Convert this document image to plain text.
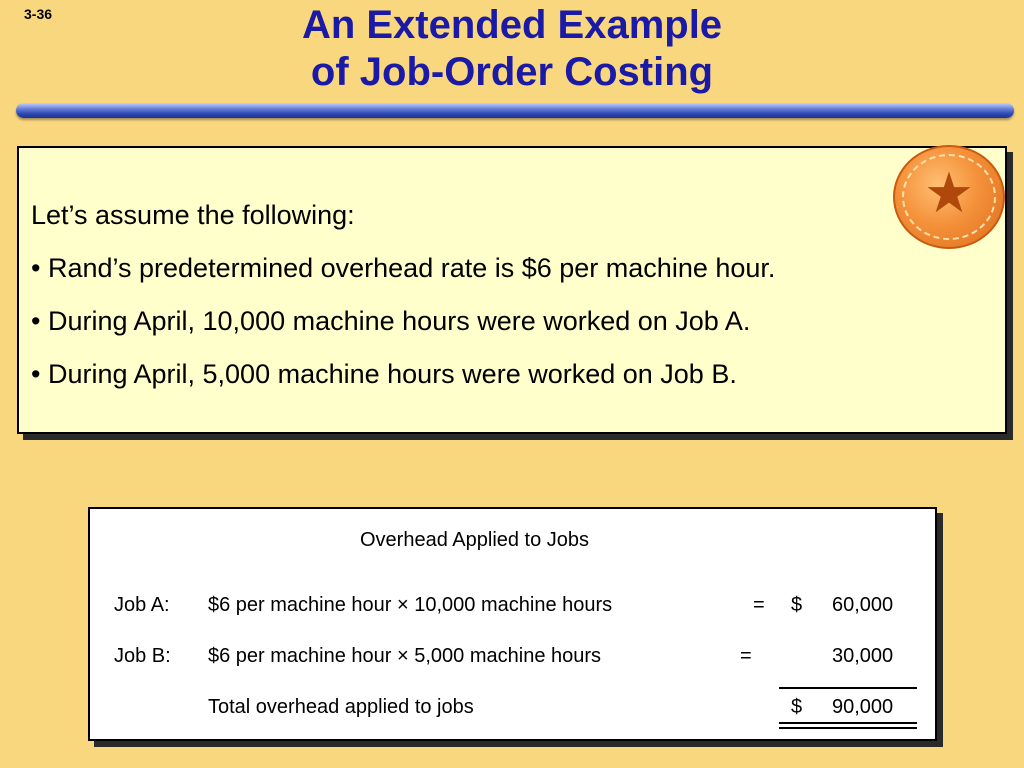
3-36	An Extended Example
of Job-Order Costing
Let’s assume the following:
• Rand’s predetermined overhead rate is $6 per machine hour.
• During April, 10,000 machine hours were worked on Job A.
• During April, 5,000 machine hours were worked on Job B.
★
Overhead Applied to Jobs
Job A: $6 per machine hour × 10,000 machine hours	= $ 60,000
Job B: $6 per machine hour × 5,000 machine hours	=	30,000
Total overhead applied to jobs	$ 90,000
